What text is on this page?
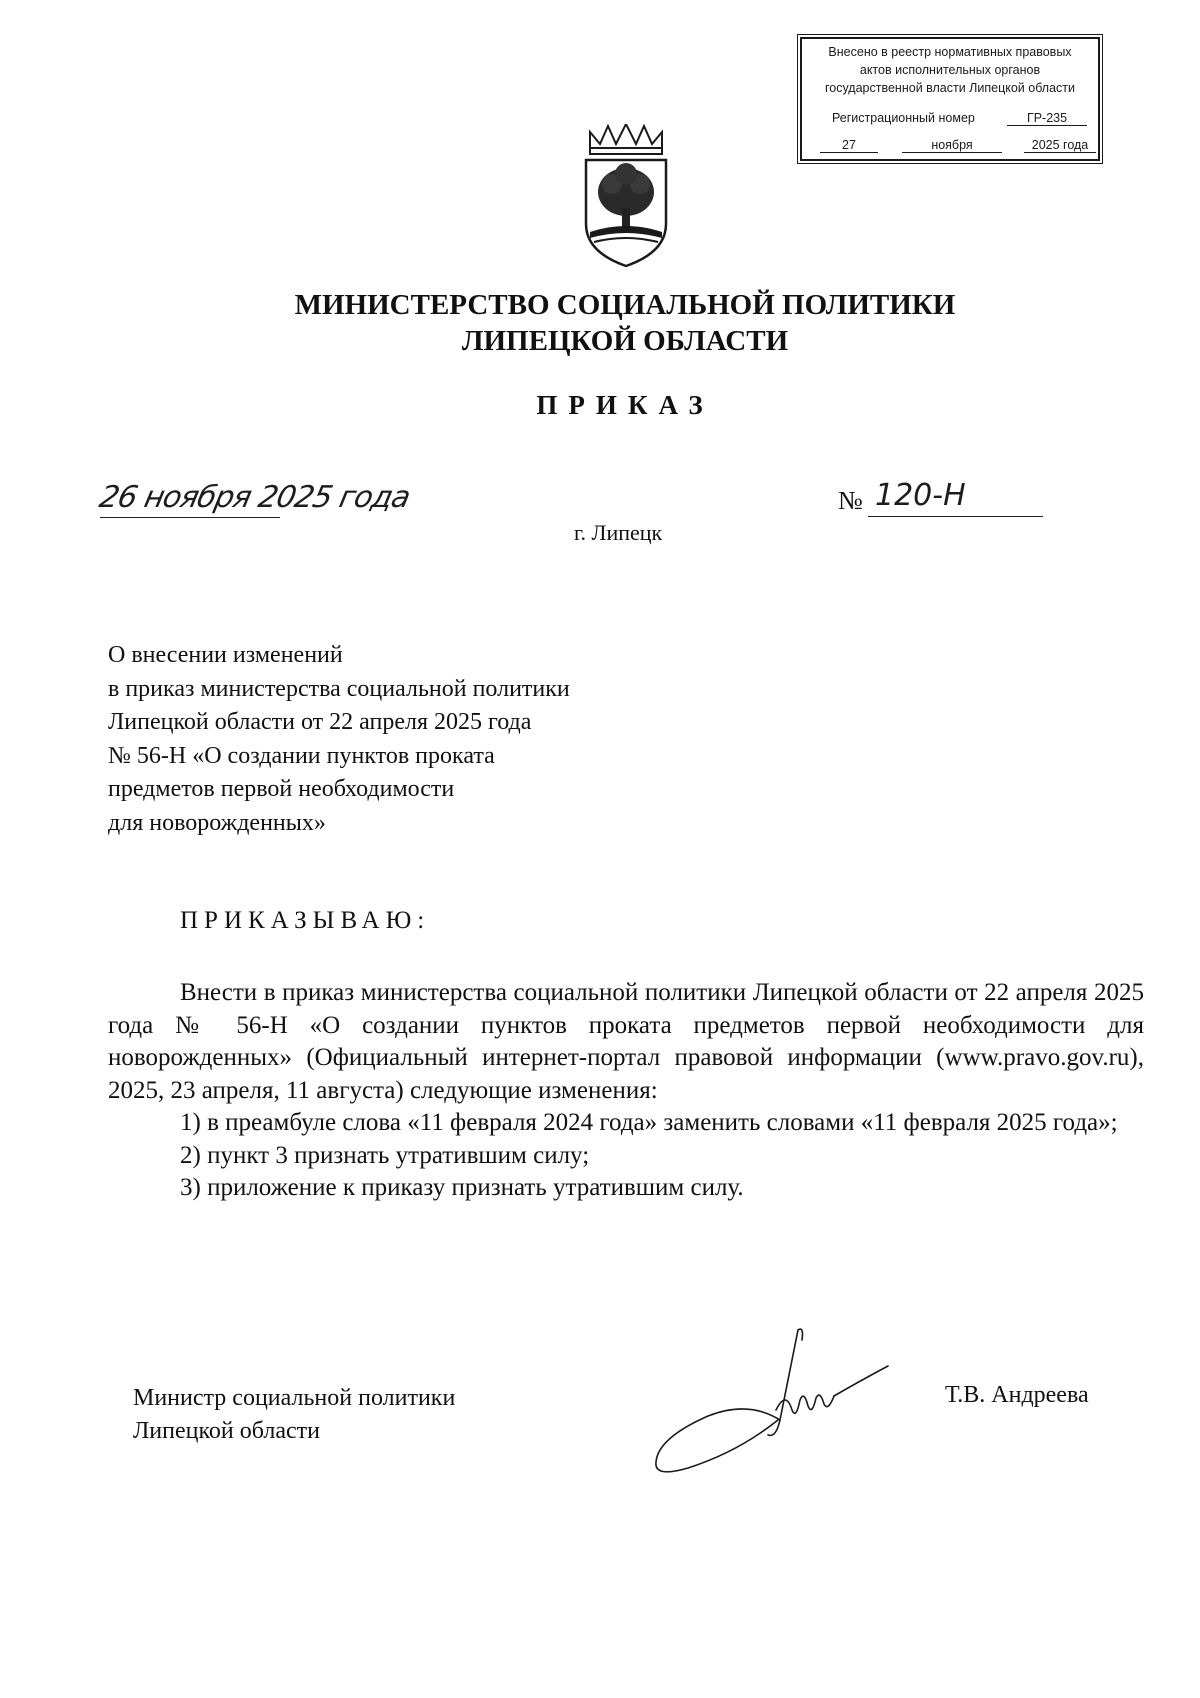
Внесено в реестр нормативных правовых
актов исполнительных органов
государственной власти Липецкой области
Регистрационный номер	ГР-235
27	ноября	2025 года
МИНИСТЕРСТВО СОЦИАЛЬНОЙ ПОЛИТИКИ
ЛИПЕЦКОЙ ОБЛАСТИ
ПРИКАЗ
26 ноября 2025 года	№ 120-Н
г. Липецк
О внесении изменений
в приказ министерства социальной политики
Липецкой области от 22 апреля 2025 года
№ 56-Н «О создании пунктов проката
предметов первой необходимости
для новорожденных»
ПРИКАЗЫВАЮ:

Внести в приказ министерства социальной политики Липецкой области от 22 апреля 2025 года № 56-Н «О создании пунктов проката предметов первой необходимости для новорожденных» (Официальный интернет-портал правовой информации (www.pravo.gov.ru), 2025, 23 апреля, 11 августа) следующие изменения:

1) в преамбуле слова «11 февраля 2024 года» заменить словами «11 февраля 2025 года»;

2) пункт 3 признать утратившим силу;

3) приложение к приказу признать утратившим силу.

Министр социальной политики
Липецкой области
Т.В. Андреева
